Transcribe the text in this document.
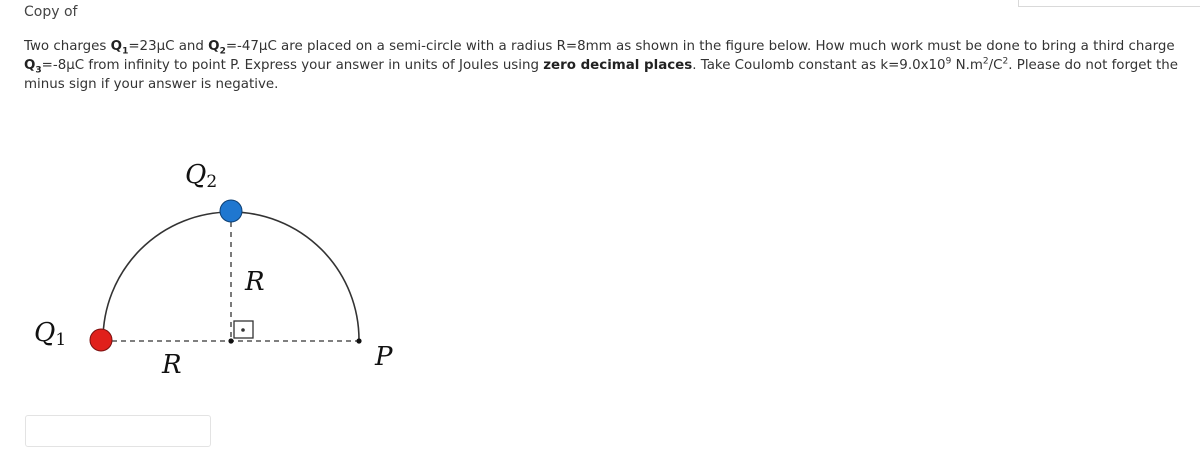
Copy of
Two charges $Q_1=23\mu C$ and $Q_2=-47\mu C$ are placed on a semi-circle with a radius R=8mm as shown in the figure below. How much work must be done to bring a third charge $Q_3=-8\mu C$ from infinity to point P. Express your answer in units of Joules using zero decimal places. Take Coulomb constant as $k=9.0x10^9$ $N.m^2/C^2$. Please do not forget the minus sign if your answer is negative.
Q2
Q1
R
R	P
